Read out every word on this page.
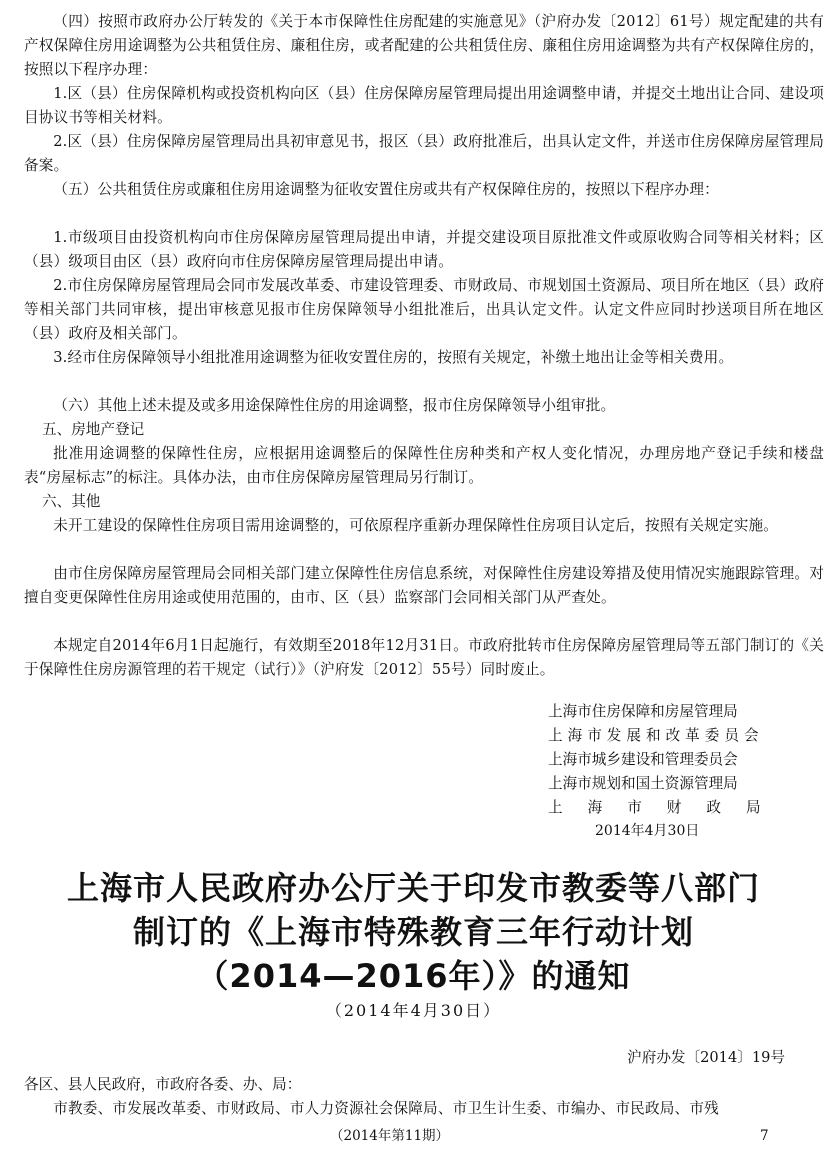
（四）按照市政府办公厅转发的《关于本市保障性住房配建的实施意见》（沪府办发〔2012〕61号）规定配建的共有产权保障住房用途调整为公共租赁住房、廉租住房，或者配建的公共租赁住房、廉租住房用途调整为共有产权保障住房的，按照以下程序办理：

1.区（县）住房保障机构或投资机构向区（县）住房保障房屋管理局提出用途调整申请，并提交土地出让合同、建设项目协议书等相关材料。

2.区（县）住房保障房屋管理局出具初审意见书，报区（县）政府批准后，出具认定文件，并送市住房保障房屋管理局备案。

（五）公共租赁住房或廉租住房用途调整为征收安置住房或共有产权保障住房的，按照以下程序办理：

1.市级项目由投资机构向市住房保障房屋管理局提出申请，并提交建设项目原批准文件或原收购合同等相关材料；区（县）级项目由区（县）政府向市住房保障房屋管理局提出申请。

2.市住房保障房屋管理局会同市发展改革委、市建设管理委、市财政局、市规划国土资源局、项目所在地区（县）政府等相关部门共同审核，提出审核意见报市住房保障领导小组批准后，出具认定文件。认定文件应同时抄送项目所在地区（县）政府及相关部门。

3.经市住房保障领导小组批准用途调整为征收安置住房的，按照有关规定，补缴土地出让金等相关费用。

（六）其他上述未提及或多用途保障性住房的用途调整，报市住房保障领导小组审批。

五、房地产登记

批准用途调整的保障性住房，应根据用途调整后的保障性住房种类和产权人变化情况，办理房地产登记手续和楼盘表“房屋标志”的标注。具体办法，由市住房保障房屋管理局另行制订。

六、其他

未开工建设的保障性住房项目需用途调整的，可依原程序重新办理保障性住房项目认定后，按照有关规定实施。

由市住房保障房屋管理局会同相关部门建立保障性住房信息系统，对保障性住房建设筹措及使用情况实施跟踪管理。对擅自变更保障性住房用途或使用范围的，由市、区（县）监察部门会同相关部门从严查处。

本规定自2014年6月1日起施行，有效期至2018年12月31日。市政府批转市住房保障房屋管理局等五部门制订的《关于保障性住房房源管理的若干规定（试行）》（沪府发〔2012〕55号）同时废止。

上海市住房保障和房屋管理局
上海市发展和改革委员会
上海市城乡建设和管理委员会
上海市规划和国土资源管理局
上海市财政局

2014年4月30日

上海市人民政府办公厅关于印发市教委等八部门

制订的《上海市特殊教育三年行动计划

（2014—2016年）》的通知

（2014年4月30日）

沪府办发〔2014〕19号

各区、县人民政府，市政府各委、办、局：

市教委、市发展改革委、市财政局、市人力资源社会保障局、市卫生计生委、市编办、市民政局、市残

（2014年第11期）	7
